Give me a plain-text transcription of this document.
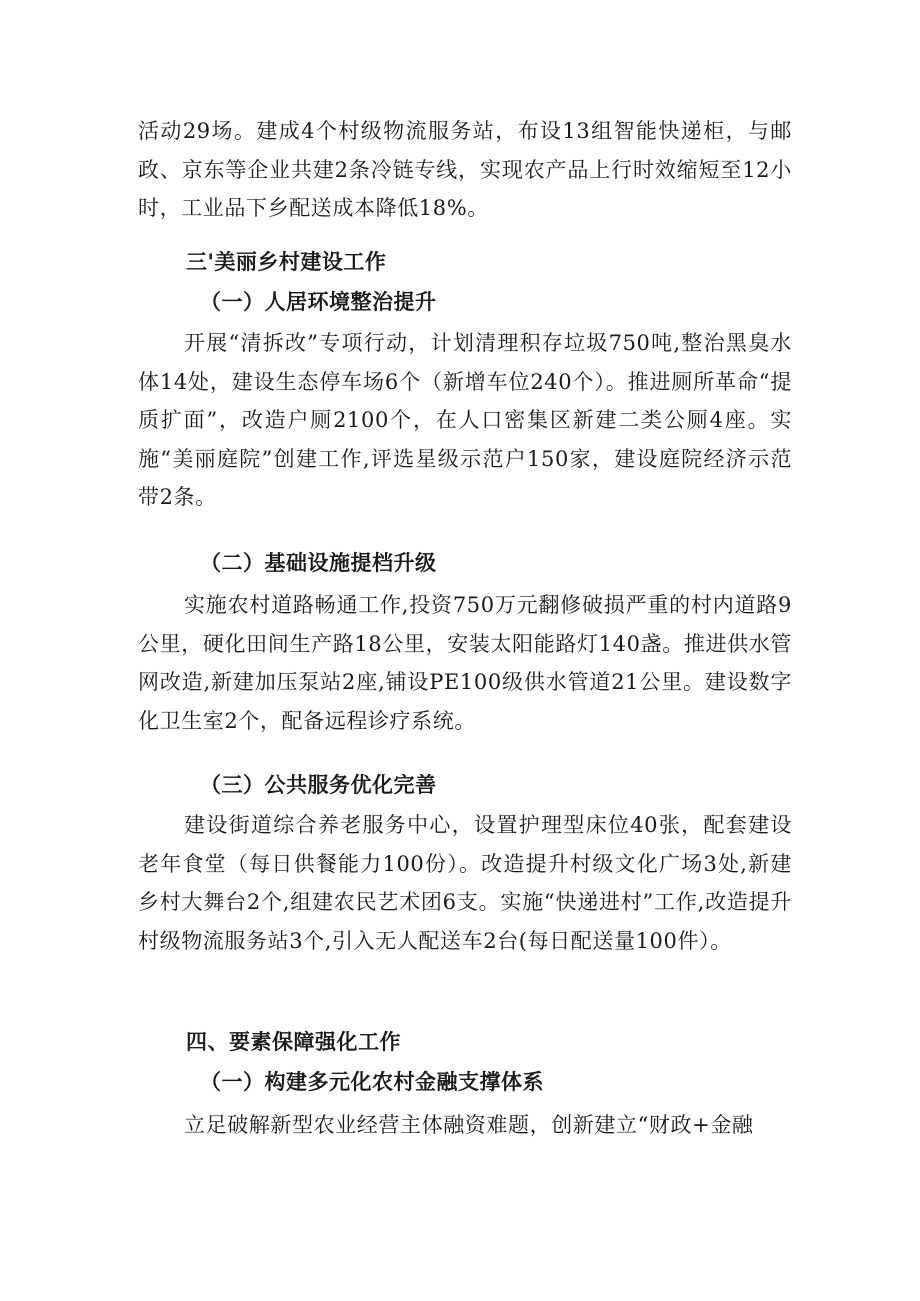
活动29场。建成4个村级物流服务站，布设13组智能快递柜，与邮政、京东等企业共建2条冷链专线，实现农产品上行时效缩短至12小时，工业品下乡配送成本降低18%。
三'美丽乡村建设工作
（一）人居环境整治提升
开展“清拆改”专项行动，计划清理积存垃圾750吨,整治黑臭水体14处，建设生态停车场6个（新增车位240个）。推进厕所革命“提质扩面”，改造户厕2100个，在人口密集区新建二类公厕4座。实施“美丽庭院”创建工作,评选星级示范户150家，建设庭院经济示范带2条。
（二）基础设施提档升级
实施农村道路畅通工作,投资750万元翻修破损严重的村内道路9公里，硬化田间生产路18公里，安装太阳能路灯140盏。推进供水管网改造,新建加压泵站2座,铺设PE100级供水管道21公里。建设数字化卫生室2个，配备远程诊疗系统。
（三）公共服务优化完善
建设街道综合养老服务中心，设置护理型床位40张，配套建设老年食堂（每日供餐能力100份）。改造提升村级文化广场3处,新建乡村大舞台2个,组建农民艺术团6支。实施“快递进村”工作,改造提升村级物流服务站3个,引入无人配送车2台(每日配送量100件）。
四、要素保障强化工作
（一）构建多元化农村金融支撑体系
立足破解新型农业经营主体融资难题，创新建立“财政+金融
